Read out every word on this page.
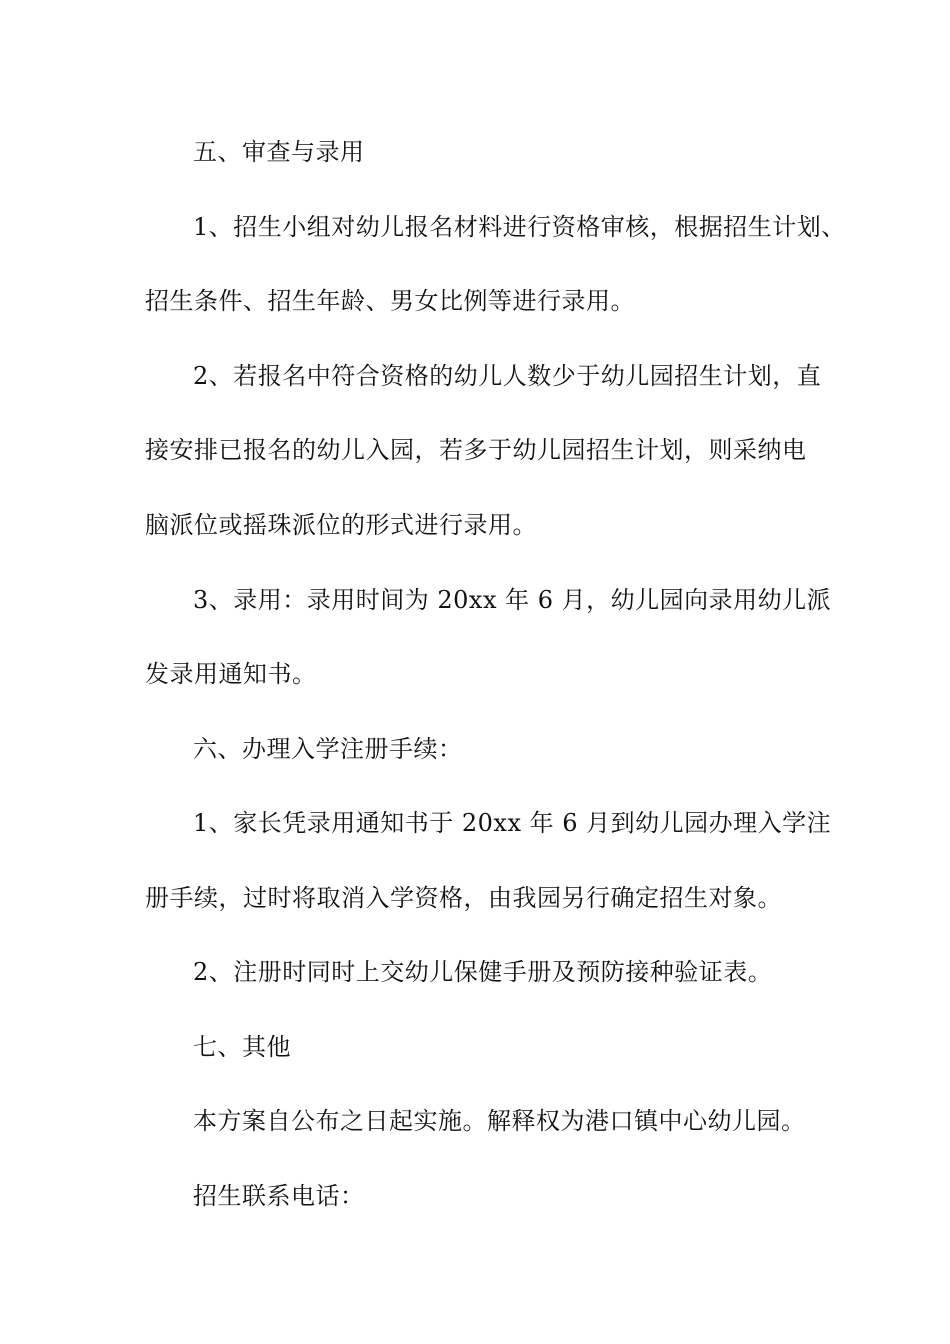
五、审查与录用
1、招生小组对幼儿报名材料进行资格审核，根据招生计划、
招生条件、招生年龄、男女比例等进行录用。
2、若报名中符合资格的幼儿人数少于幼儿园招生计划，直
接安排已报名的幼儿入园，若多于幼儿园招生计划，则采纳电
脑派位或摇珠派位的形式进行录用。
3、录用：录用时间为 20xx 年 6 月，幼儿园向录用幼儿派
发录用通知书。
六、办理入学注册手续：
1、家长凭录用通知书于 20xx 年 6 月到幼儿园办理入学注
册手续，过时将取消入学资格，由我园另行确定招生对象。
2、注册时同时上交幼儿保健手册及预防接种验证表。
七、其他
本方案自公布之日起实施。解释权为港口镇中心幼儿园。
招生联系电话：
